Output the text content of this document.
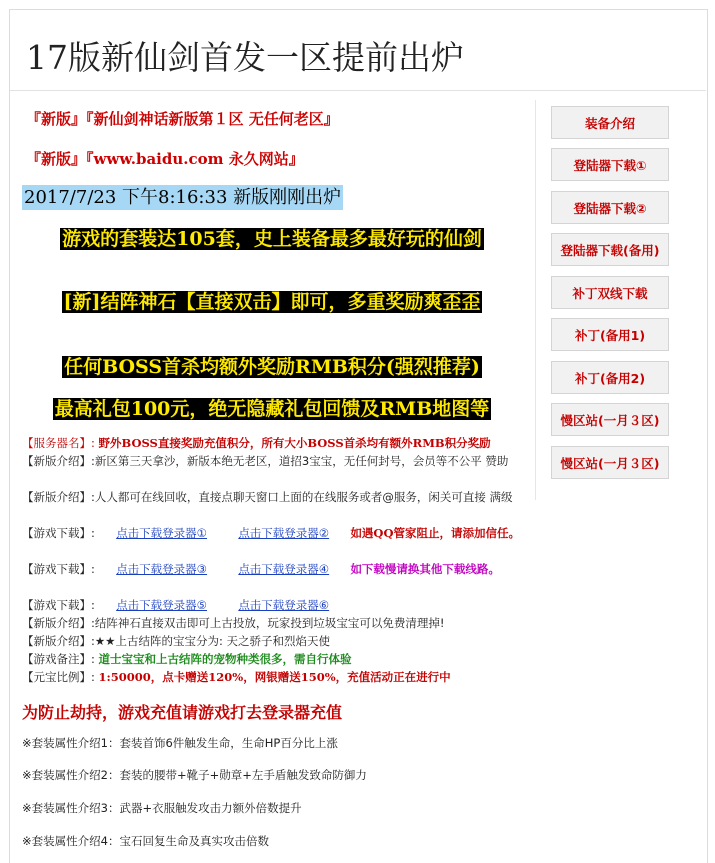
17版新仙剑首发一区提前出炉
『新版』『新仙剑神话新版第１区 无任何老区』
『新版』『www.baidu.com 永久网站』
2017/7/23 下午8:16:33 新版刚刚出炉
游戏的套装达105套，史上装备最多最好玩的仙剑
[新]结阵神石【直接双击】即可，多重奖励爽歪歪
任何BOSS首杀均额外奖励RMB积分(强烈推荐)
最高礼包100元，绝无隐藏礼包回馈及RMB地图等
【服务器名】: 野外BOSS直接奖励充值积分，所有大小BOSS首杀均有额外RMB积分奖励
【新版介绍】:新区第三天拿沙，新版本绝无老区，道招3宝宝，无任何封号，会员等不公平 赞助
【新版介绍】:人人都可在线回收，直接点聊天窗口上面的在线服务或者@服务，闲关可直接 满级
【游戏下载】: 点击下载登录器①	点击下载登录器② 如遇QQ管家阻止，请添加信任。
【游戏下载】: 点击下载登录器③	点击下载登录器④ 如下载慢请换其他下载线路。
【游戏下载】: 点击下载登录器⑤	点击下载登录器⑥
【新版介绍】:结阵神石直接双击即可上古投放，玩家投到垃圾宝宝可以免费清理掉!
【新版介绍】:★★上古结阵的宝宝分为: 天之骄子和烈焰天使
【游戏备注】: 道士宝宝和上古结阵的宠物种类很多，需自行体验
【元宝比例】: 1:50000，点卡赠送120%，网银赠送150%，充值活动正在进行中
为防止劫持，游戏充值请游戏打去登录器充值
※套装属性介绍1：套装首饰6件触发生命，生命HP百分比上涨
※套装属性介绍2：套装的腰带+靴子+勋章+左手盾触发致命防御力
※套装属性介绍3：武器+衣服触发攻击力额外倍数提升
※套装属性介绍4：宝石回复生命及真实攻击倍数
装备介绍
登陆器下载①
登陆器下载②
登陆器下载(备用)
补丁双线下载
补丁(备用1)
补丁(备用2)
慢区站(一月３区)
慢区站(一月３区)
